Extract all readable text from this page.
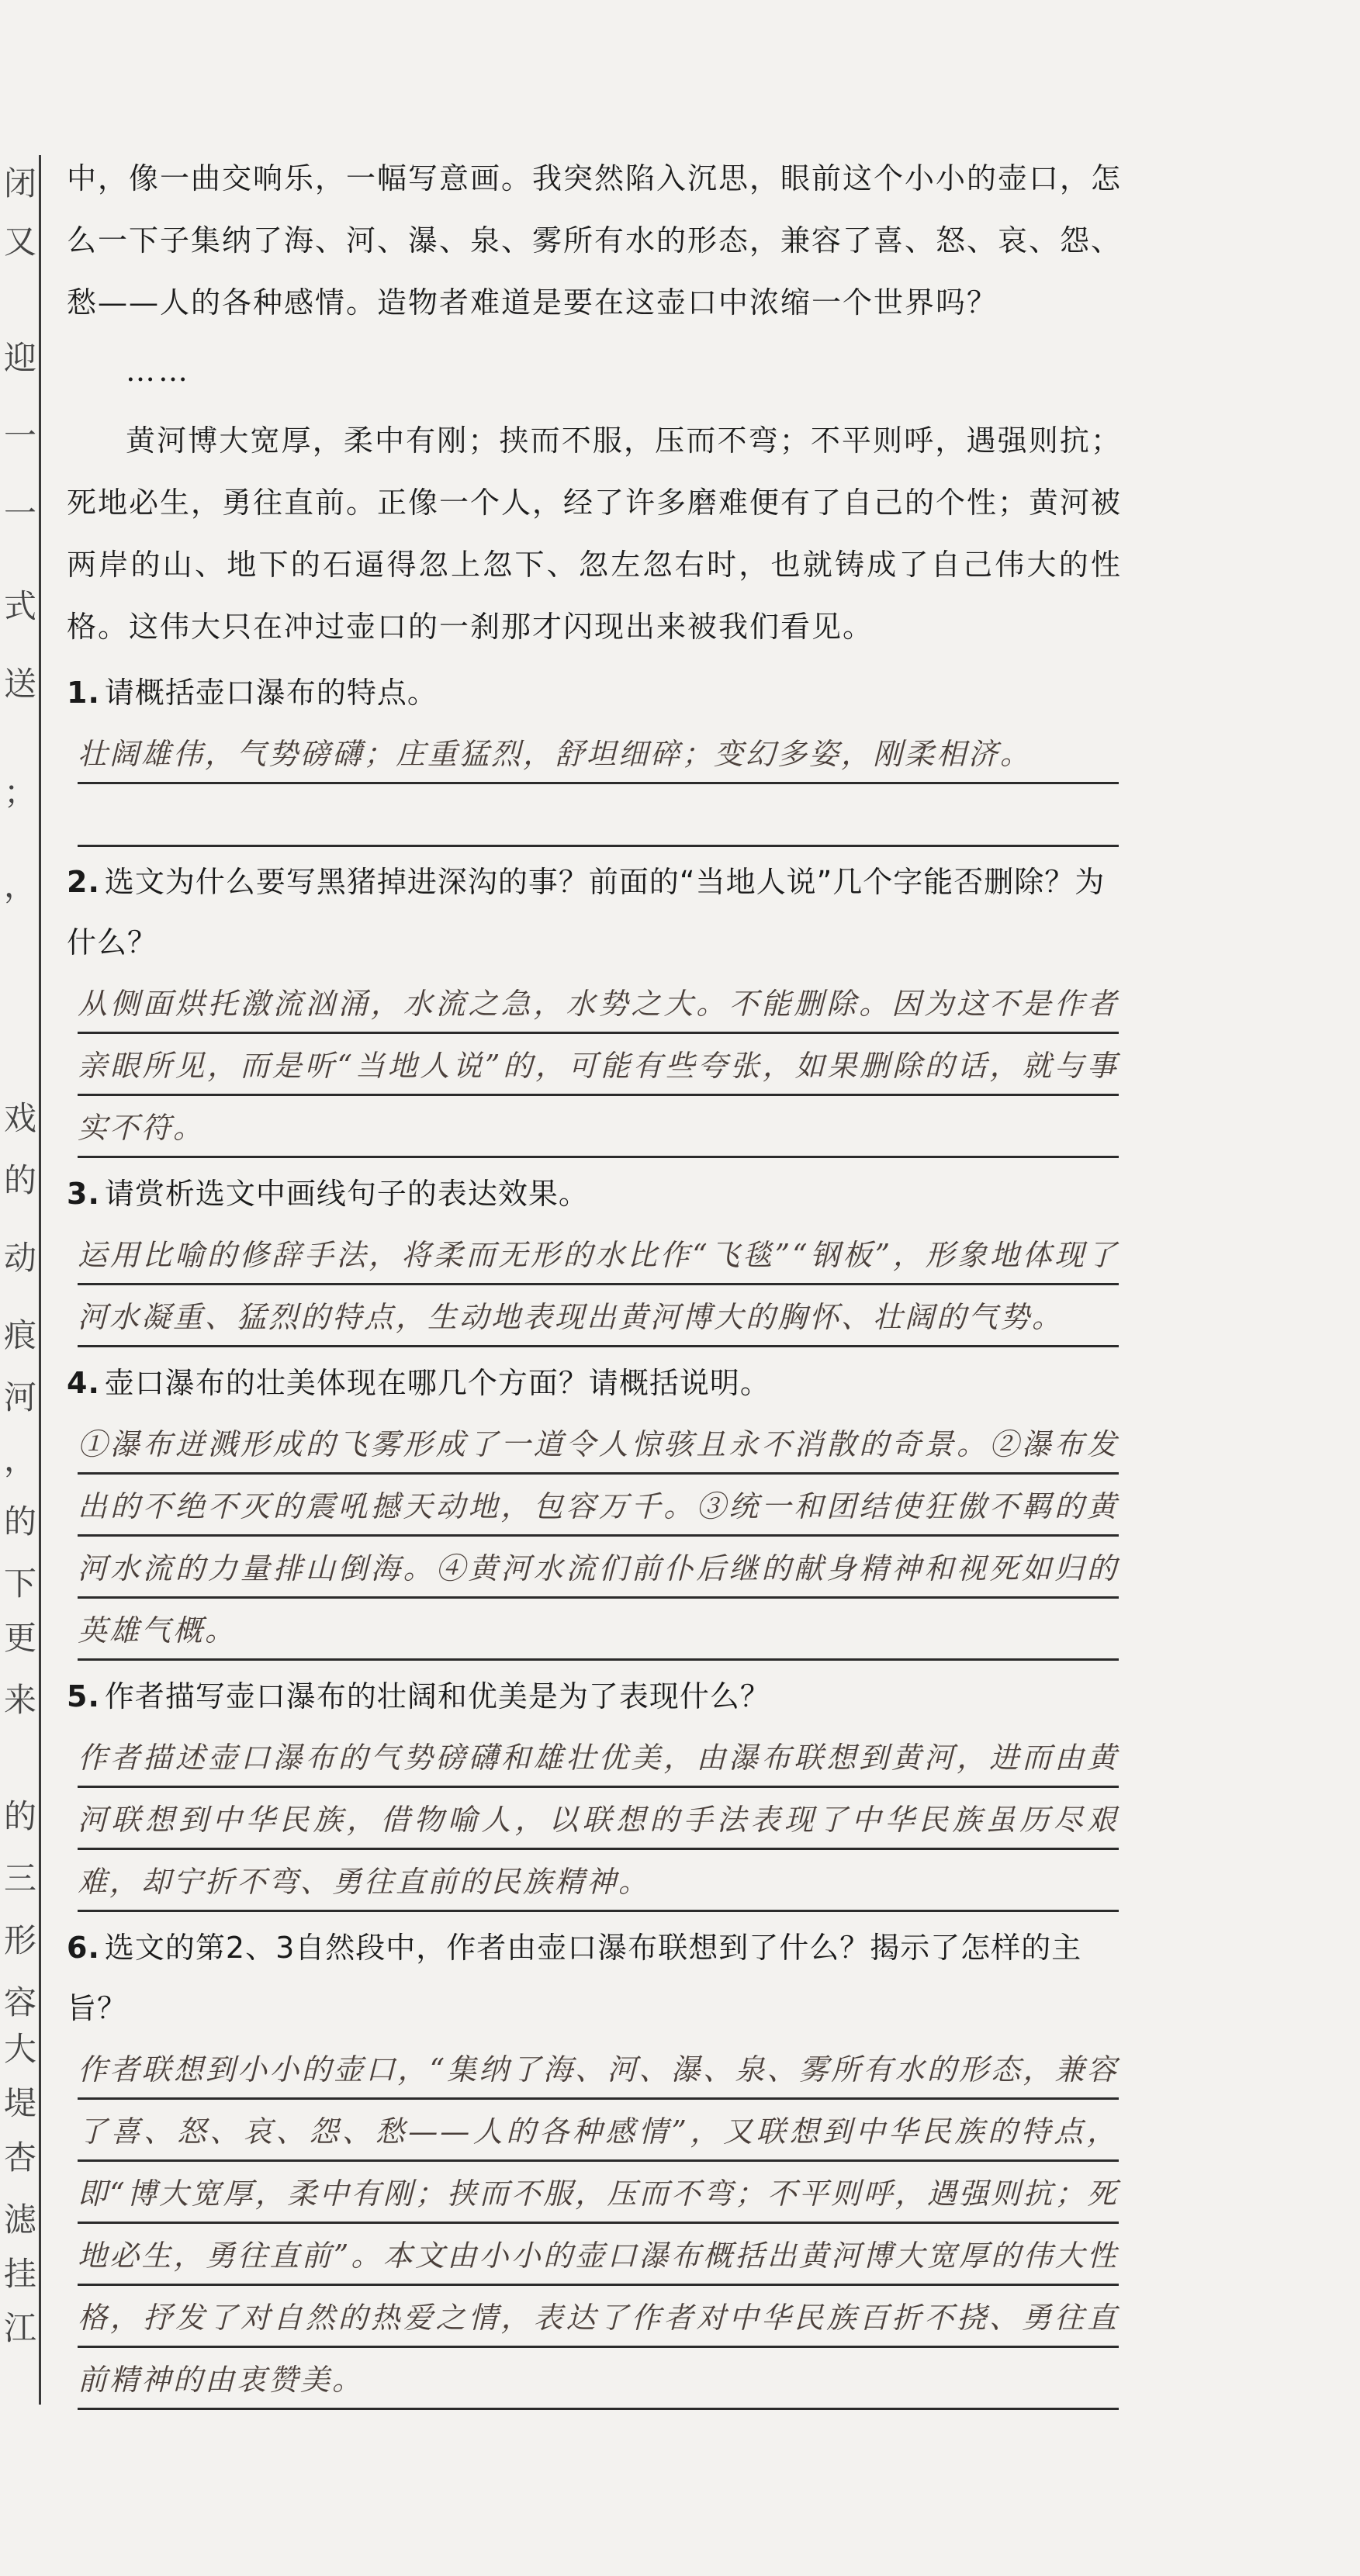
闭
又
迎
一
一
式
送
；
，
戏
的
动
痕
河
，
的
下
更
来
的
三
形
容
大
堤
杏
滤
挂
江

中，像一曲交响乐，一幅写意画。我突然陷入沉思，眼前这个小小的壶口，怎么一下子集纳了海、河、瀑、泉、雾所有水的形态，兼容了喜、怒、哀、怨、愁——人的各种感情。造物者难道是要在这壶口中浓缩一个世界吗？

……

黄河博大宽厚，柔中有刚；挟而不服，压而不弯；不平则呼，遇强则抗；死地必生，勇往直前。正像一个人，经了许多磨难便有了自己的个性；黄河被两岸的山、地下的石逼得忽上忽下、忽左忽右时，也就铸成了自己伟大的性格。这伟大只在冲过壶口的一刹那才闪现出来被我们看见。

1. 请概括壶口瀑布的特点。
壮阔雄伟，气势磅礴；庄重猛烈，舒坦细碎；变幻多姿，刚柔相济。
2. 选文为什么要写黑猪掉进深沟的事？前面的“当地人说”几个字能否删除？为什么？
从侧面烘托激流汹涌，水流之急，水势之大。不能删除。因为这不是作者亲眼所见，而是听“当地人说”的，可能有些夸张，如果删除的话，就与事实不符。
3. 请赏析选文中画线句子的表达效果。
运用比喻的修辞手法，将柔而无形的水比作“飞毯”“钢板”，形象地体现了河水凝重、猛烈的特点，生动地表现出黄河博大的胸怀、壮阔的气势。
4. 壶口瀑布的壮美体现在哪几个方面？请概括说明。
①瀑布迸溅形成的飞雾形成了一道令人惊骇且永不消散的奇景。②瀑布发出的不绝不灭的震吼撼天动地，包容万千。③统一和团结使狂傲不羁的黄河水流的力量排山倒海。④黄河水流们前仆后继的献身精神和视死如归的英雄气概。
5. 作者描写壶口瀑布的壮阔和优美是为了表现什么？
作者描述壶口瀑布的气势磅礴和雄壮优美，由瀑布联想到黄河，进而由黄河联想到中华民族，借物喻人，以联想的手法表现了中华民族虽历尽艰难，却宁折不弯、勇往直前的民族精神。
6. 选文的第2、3自然段中，作者由壶口瀑布联想到了什么？揭示了怎样的主旨？
作者联想到小小的壶口，“集纳了海、河、瀑、泉、雾所有水的形态，兼容了喜、怒、哀、怨、愁——人的各种感情”，又联想到中华民族的特点，即“博大宽厚，柔中有刚；挟而不服，压而不弯；不平则呼，遇强则抗；死地必生，勇往直前”。本文由小小的壶口瀑布概括出黄河博大宽厚的伟大性格，抒发了对自然的热爱之情，表达了作者对中华民族百折不挠、勇往直前精神的由衷赞美。
